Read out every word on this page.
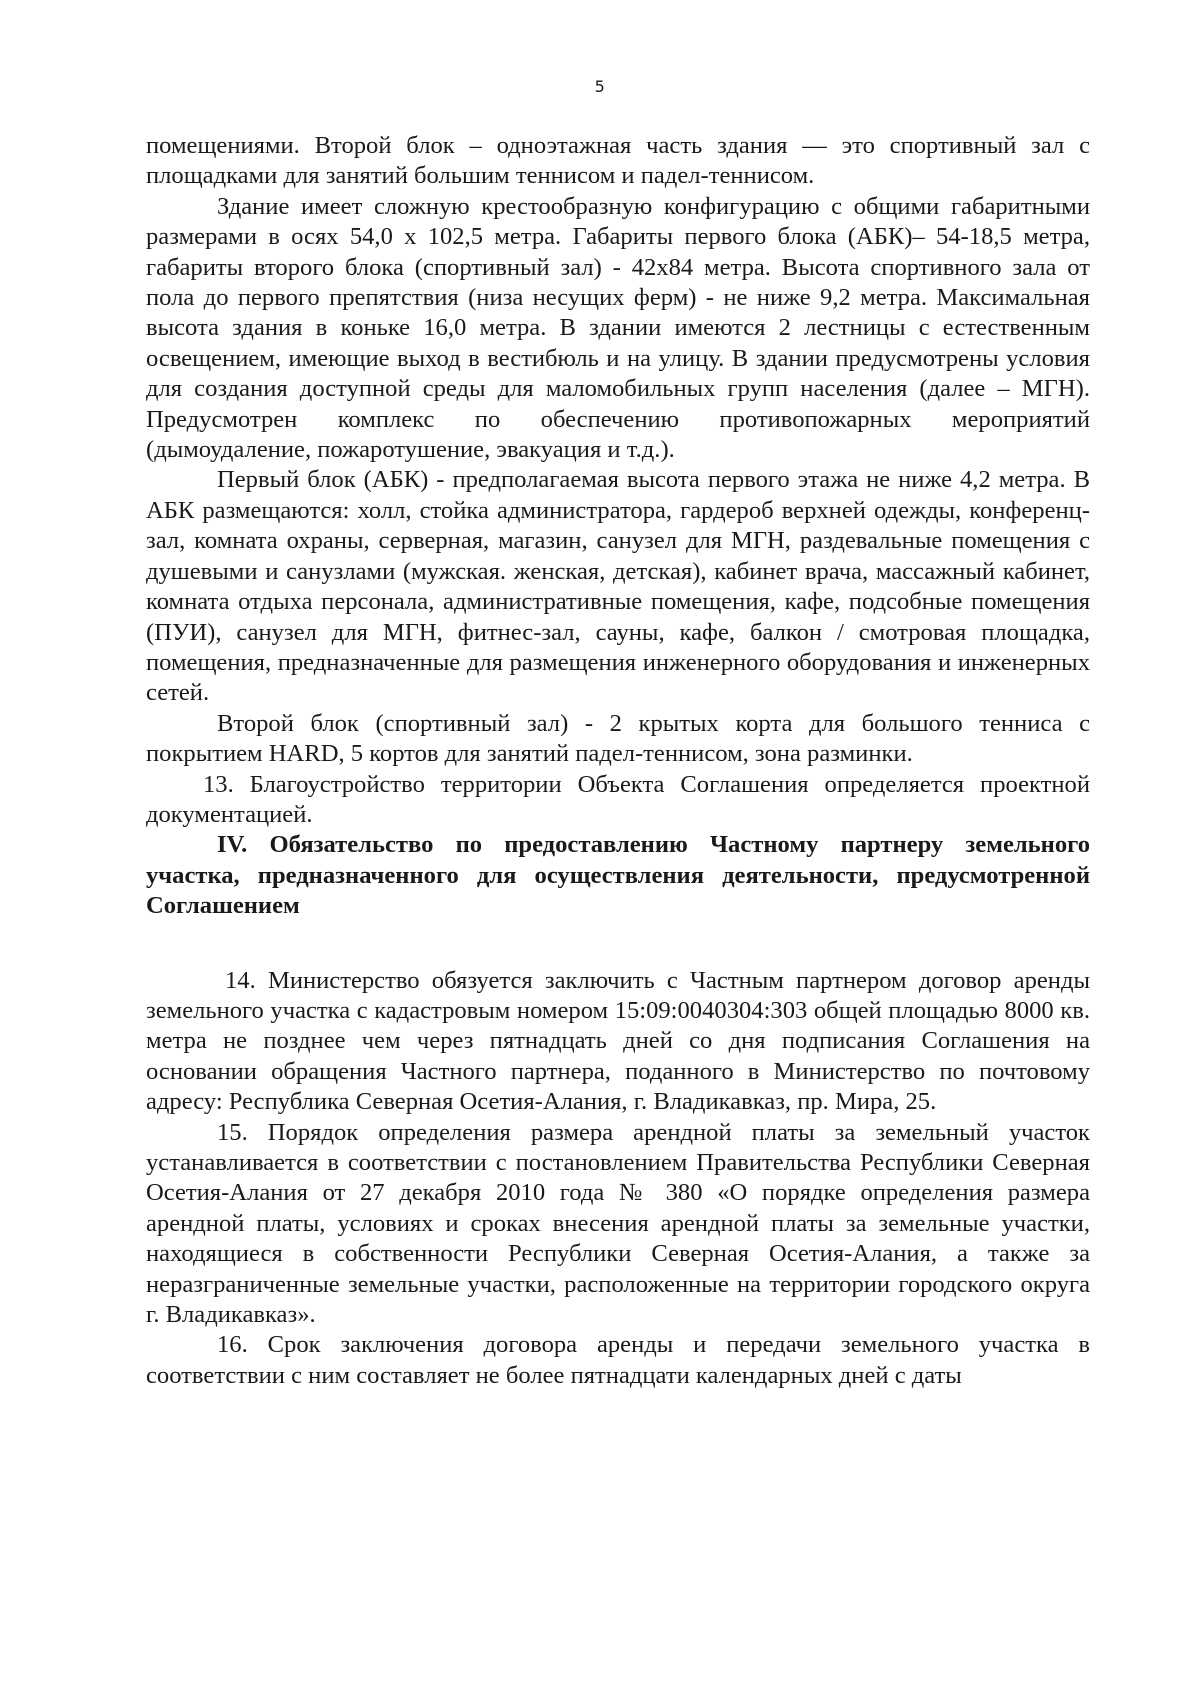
5

помещениями. Второй блок – одноэтажная часть здания — это спортивный зал с площадками для занятий большим теннисом и падел-теннисом.

Здание имеет сложную крестообразную конфигурацию с общими габаритными размерами в осях 54,0 х 102,5 метра. Габариты первого блока (АБК)– 54-18,5 метра, габариты второго блока (спортивный зал) - 42х84 метра. Высота спортивного зала от пола до первого препятствия (низа несущих ферм) - не ниже 9,2 метра. Максимальная высота здания в коньке 16,0 метра. В здании имеются 2 лестницы с естественным освещением, имеющие выход в вестибюль и на улицу. В здании предусмотрены условия для создания доступной среды для маломобильных групп населения (далее – МГН). Предусмотрен комплекс по обеспечению противопожарных мероприятий (дымоудаление, пожаротушение, эвакуация и т.д.).

Первый блок (АБК) - предполагаемая высота первого этажа не ниже 4,2 метра. В АБК размещаются: холл, стойка администратора, гардероб верхней одежды, конференц-зал, комната охраны, серверная, магазин, санузел для МГН, раздевальные помещения с душевыми и санузлами (мужская. женская, детская), кабинет врача, массажный кабинет, комната отдыха персонала, административные помещения, кафе, подсобные помещения (ПУИ), санузел для МГН, фитнес-зал, сауны, кафе, балкон / смотровая площадка, помещения, предназначенные для размещения инженерного оборудования и инженерных сетей.

Второй блок (спортивный зал) - 2 крытых корта для большого тенниса с покрытием HARD, 5 кортов для занятий падел-теннисом, зона разминки.

13. Благоустройство территории Объекта Соглашения определяется проектной документацией.

IV. Обязательство по предоставлению Частному партнеру земельного участка, предназначенного для осуществления деятельности, предусмотренной Соглашением

14. Министерство обязуется заключить с Частным партнером договор аренды земельного участка с кадастровым номером 15:09:0040304:303 общей площадью 8000 кв. метра не позднее чем через пятнадцать дней со дня подписания Соглашения на основании обращения Частного партнера, поданного в Министерство по почтовому адресу: Республика Северная Осетия-Алания, г. Владикавказ, пр. Мира, 25.

15. Порядок определения размера арендной платы за земельный участок устанавливается в соответствии с постановлением Правительства Республики Северная Осетия-Алания от 27 декабря 2010 года № 380 «О порядке определения размера арендной платы, условиях и сроках внесения арендной платы за земельные участки, находящиеся в собственности Республики Северная Осетия-Алания, а также за неразграниченные земельные участки, расположенные на территории городского округа г. Владикавказ».

16. Срок заключения договора аренды и передачи земельного участка в соответствии с ним составляет не более пятнадцати календарных дней с даты
